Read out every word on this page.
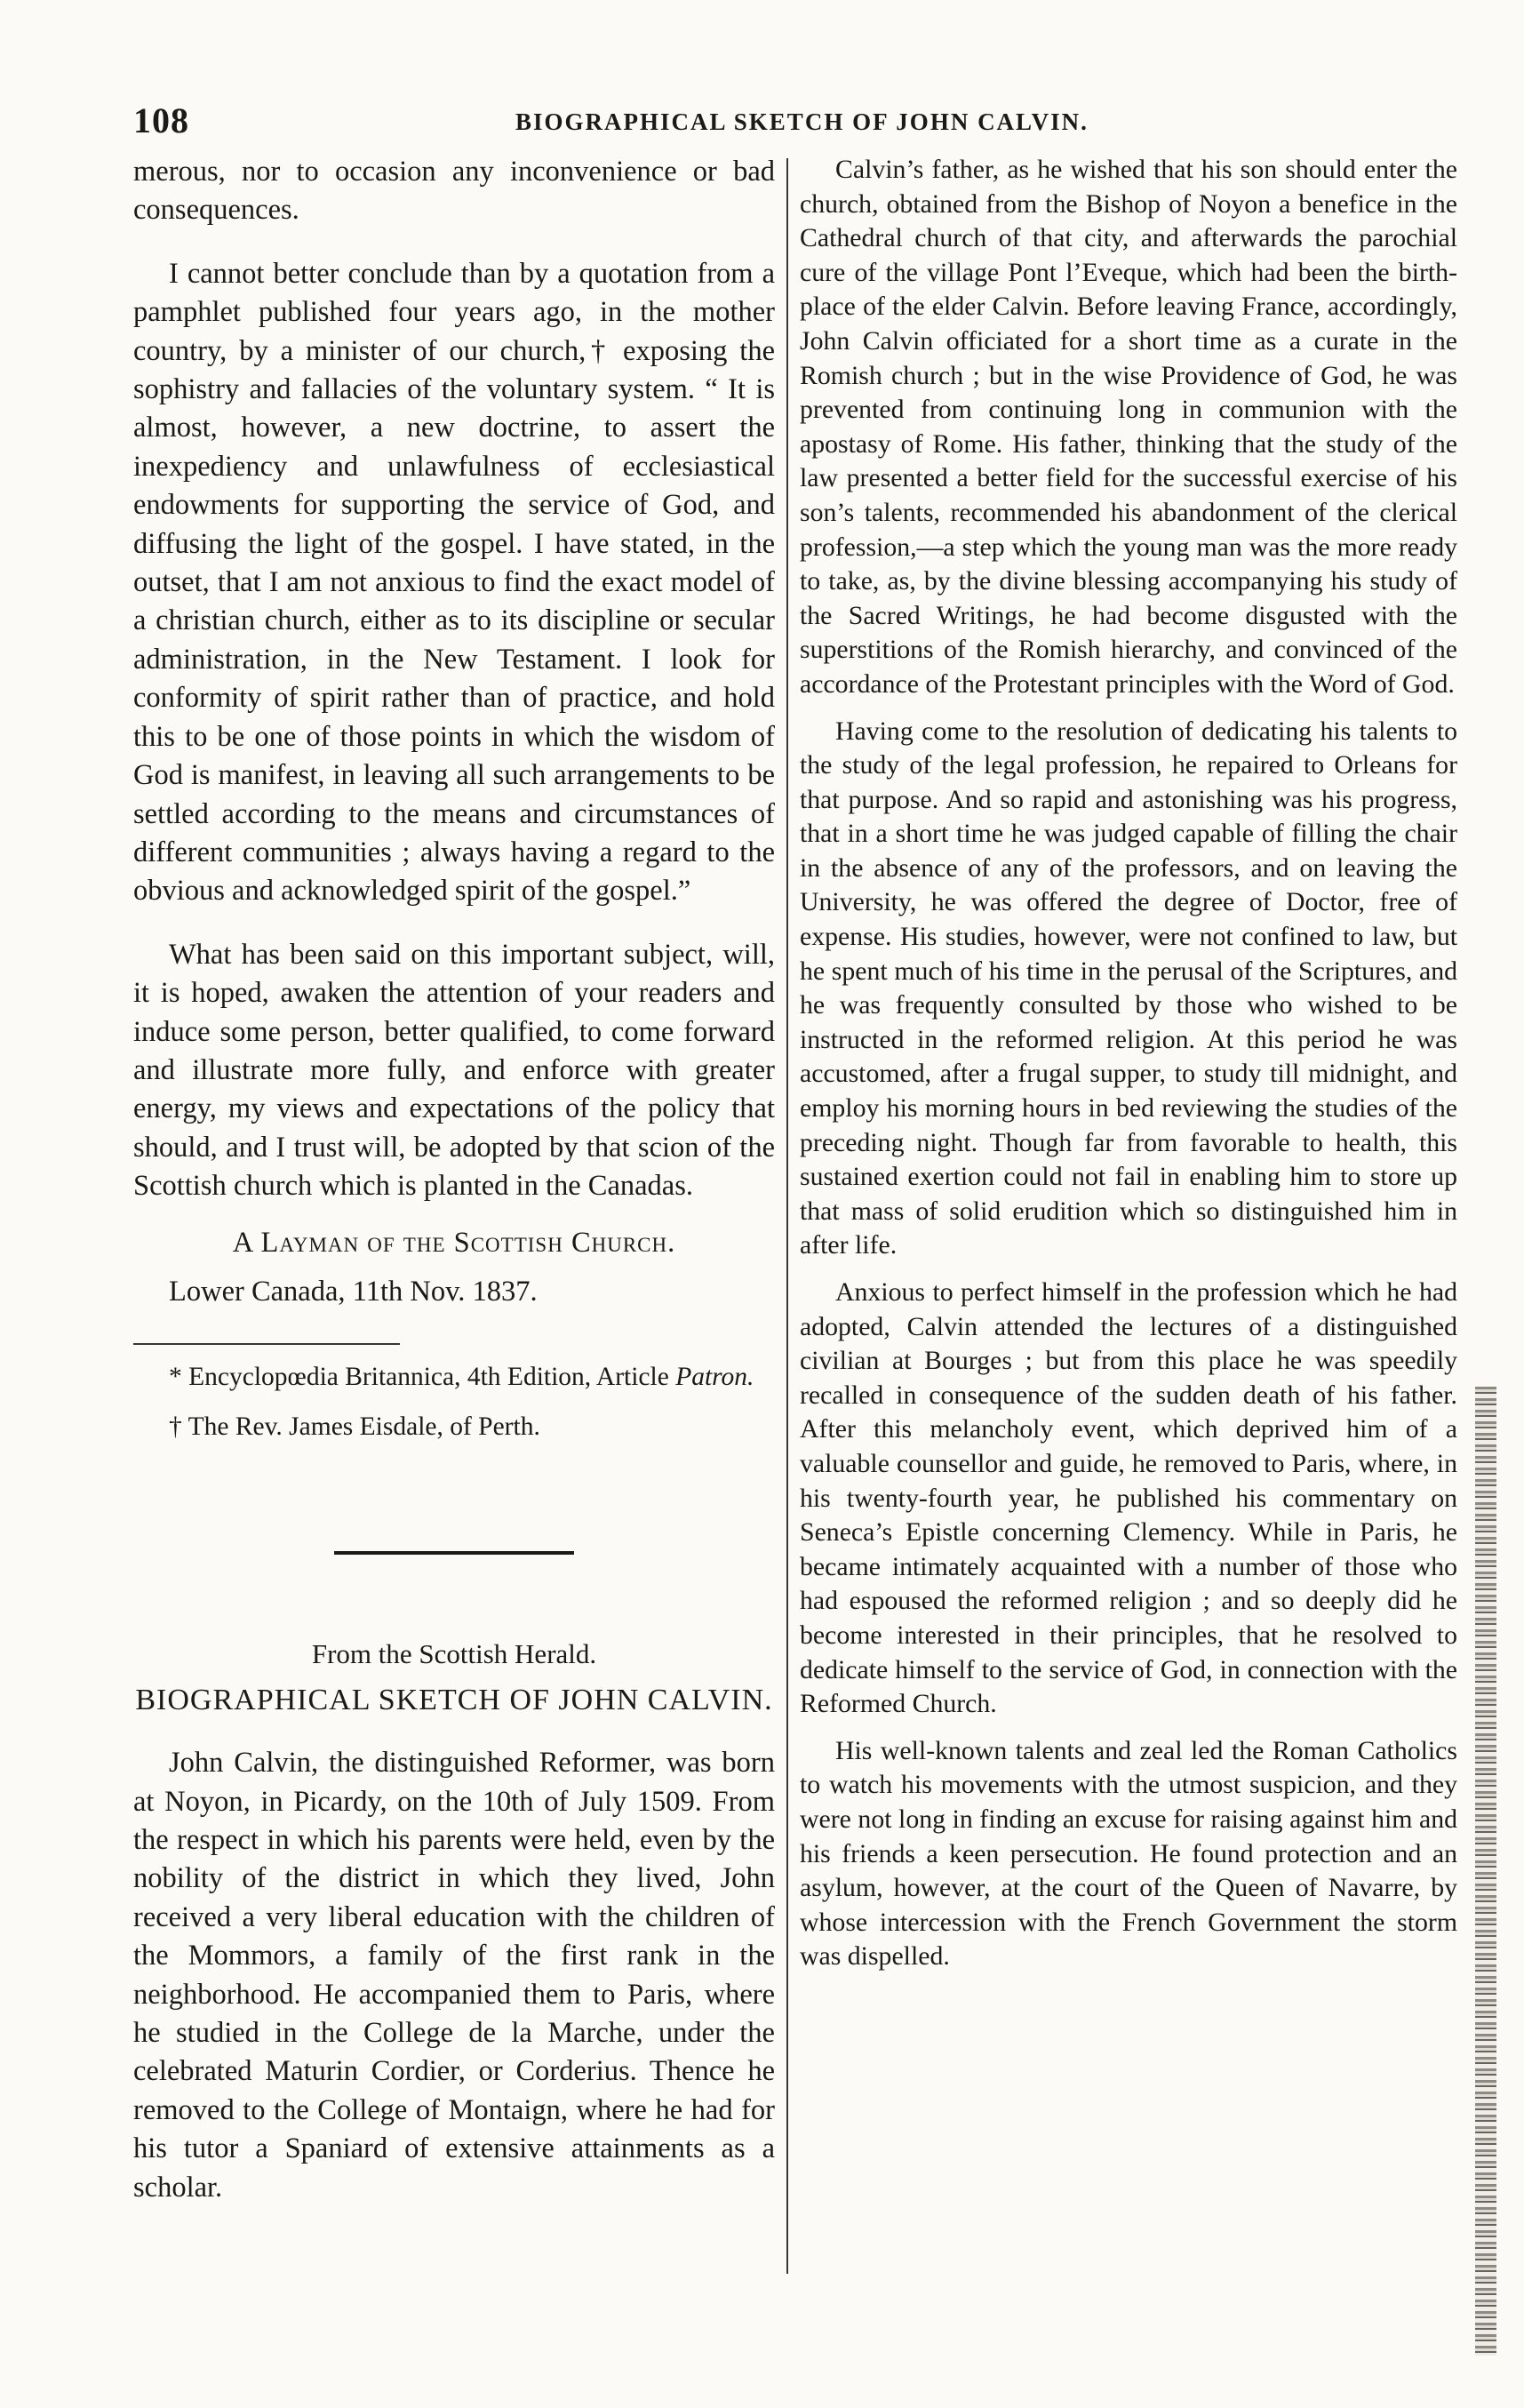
108	BIOGRAPHICAL SKETCH OF JOHN CALVIN.

merous, nor to occasion any inconvenience or bad consequences.

I cannot better conclude than by a quotation from a pamphlet published four years ago, in the mother country, by a minister of our church,† exposing the sophistry and fallacies of the voluntary system. “ It is almost, however, a new doctrine, to assert the inexpediency and unlawfulness of ecclesiastical endowments for supporting the service of God, and diffusing the light of the gospel. I have stated, in the outset, that I am not anxious to find the exact model of a christian church, either as to its discipline or secular administration, in the New Testament. I look for conformity of spirit rather than of practice, and hold this to be one of those points in which the wisdom of God is manifest, in leaving all such arrangements to be settled according to the means and circumstances of different communities ; always having a regard to the obvious and acknowledged spirit of the gospel.”

What has been said on this important subject, will, it is hoped, awaken the attention of your readers and induce some person, better qualified, to come forward and illustrate more fully, and enforce with greater energy, my views and expectations of the policy that should, and I trust will, be adopted by that scion of the Scottish church which is planted in the Canadas.

A Layman of the Scottish Church.

Lower Canada, 11th Nov. 1837.

* Encyclopœdia Britannica, 4th Edition, Article Patron.

† The Rev. James Eisdale, of Perth.

From the Scottish Herald.

BIOGRAPHICAL SKETCH OF JOHN CALVIN.

John Calvin, the distinguished Reformer, was born at Noyon, in Picardy, on the 10th of July 1509. From the respect in which his parents were held, even by the nobility of the district in which they lived, John received a very liberal education with the children of the Mommors, a family of the first rank in the neighborhood. He accompanied them to Paris, where he studied in the College de la Marche, under the celebrated Maturin Cordier, or Corderius. Thence he removed to the College of Montaign, where he had for his tutor a Spaniard of extensive attainments as a scholar.

Calvin’s father, as he wished that his son should enter the church, obtained from the Bishop of Noyon a benefice in the Cathedral church of that city, and afterwards the parochial cure of the village Pont l’Eveque, which had been the birth-place of the elder Calvin. Before leaving France, accordingly, John Calvin officiated for a short time as a curate in the Romish church ; but in the wise Providence of God, he was prevented from continuing long in communion with the apostasy of Rome. His father, thinking that the study of the law presented a better field for the successful exercise of his son’s talents, recommended his abandonment of the clerical profession,—a step which the young man was the more ready to take, as, by the divine blessing accompanying his study of the Sacred Writings, he had become disgusted with the superstitions of the Romish hierarchy, and convinced of the accordance of the Protestant principles with the Word of God.

Having come to the resolution of dedicating his talents to the study of the legal profession, he repaired to Orleans for that purpose. And so rapid and astonishing was his progress, that in a short time he was judged capable of filling the chair in the absence of any of the professors, and on leaving the University, he was offered the degree of Doctor, free of expense. His studies, however, were not confined to law, but he spent much of his time in the perusal of the Scriptures, and he was frequently consulted by those who wished to be instructed in the reformed religion. At this period he was accustomed, after a frugal supper, to study till midnight, and employ his morning hours in bed reviewing the studies of the preceding night. Though far from favorable to health, this sustained exertion could not fail in enabling him to store up that mass of solid erudition which so distinguished him in after life.

Anxious to perfect himself in the profession which he had adopted, Calvin attended the lectures of a distinguished civilian at Bourges ; but from this place he was speedily recalled in consequence of the sudden death of his father. After this melancholy event, which deprived him of a valuable counsellor and guide, he removed to Paris, where, in his twenty-fourth year, he published his commentary on Seneca’s Epistle concerning Clemency. While in Paris, he became intimately acquainted with a number of those who had espoused the reformed religion ; and so deeply did he become interested in their principles, that he resolved to dedicate himself to the service of God, in connection with the Reformed Church.

His well-known talents and zeal led the Roman Catholics to watch his movements with the utmost suspicion, and they were not long in finding an excuse for raising against him and his friends a keen persecution. He found protection and an asylum, however, at the court of the Queen of Navarre, by whose intercession with the French Government the storm was dispelled.
